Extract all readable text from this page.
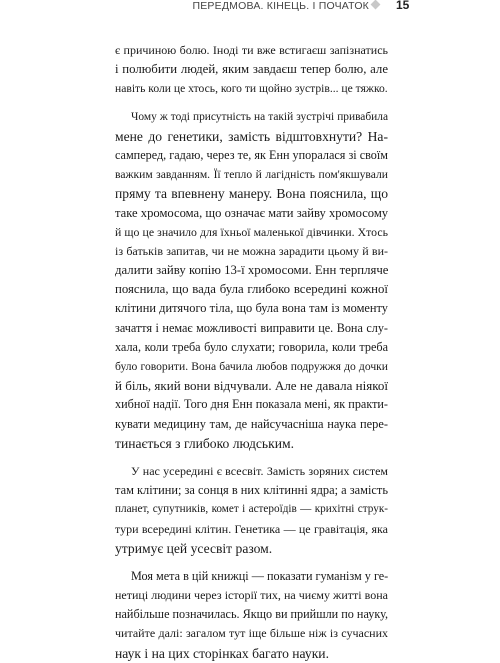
ПЕРЕДМОВА. КІНЕЦЬ. І ПОЧАТОК 15
є причиною болю. Іноді ти вже встигаєш запізнатись
і полюбити людей, яким завдаєш тепер болю, але
навіть коли це хтось, кого ти щойно зустрів... це тяжко.
Чому ж тоді присутність на такій зустрічі привабила
мене до генетики, замість відштовхнути? На-
самперед, гадаю, через те, як Енн упоралася зі своїм
важким завданням. Її тепло й лагідність пом'якшували
пряму та впевнену манеру. Вона пояснила, що
таке хромосома, що означає мати зайву хромосому
й що це значило для їхньої маленької дівчинки. Хтось
із батьків запитав, чи не можна зарадити цьому й ви-
далити зайву копію 13-ї хромосоми. Енн терпляче
пояснила, що вада була глибоко всередині кожної
клітини дитячого тіла, що була вона там із моменту
зачаття і немає можливості виправити це. Вона слу-
хала, коли треба було слухати; говорила, коли треба
було говорити. Вона бачила любов подружжя до дочки
й біль, який вони відчували. Але не давала ніякої
хибної надії. Того дня Енн показала мені, як практи-
кувати медицину там, де найсучасніша наука пере-
тинається з глибоко людським.
У нас усередині є всесвіт. Замість зоряних систем
там клітини; за сонця в них клітинні ядра; а замість
планет, супутників, комет і астероїдів — крихітні струк-
тури всередині клітин. Генетика — це гравітація, яка
утримує цей усесвіт разом.
Моя мета в цій книжці — показати гуманізм у ге-
нетиці людини через історії тих, на чиєму житті вона
найбільше позначилась. Якщо ви прийшли по науку,
читайте далі: загалом тут іще більше ніж із сучасних
наук і на цих сторінках багато науки.
